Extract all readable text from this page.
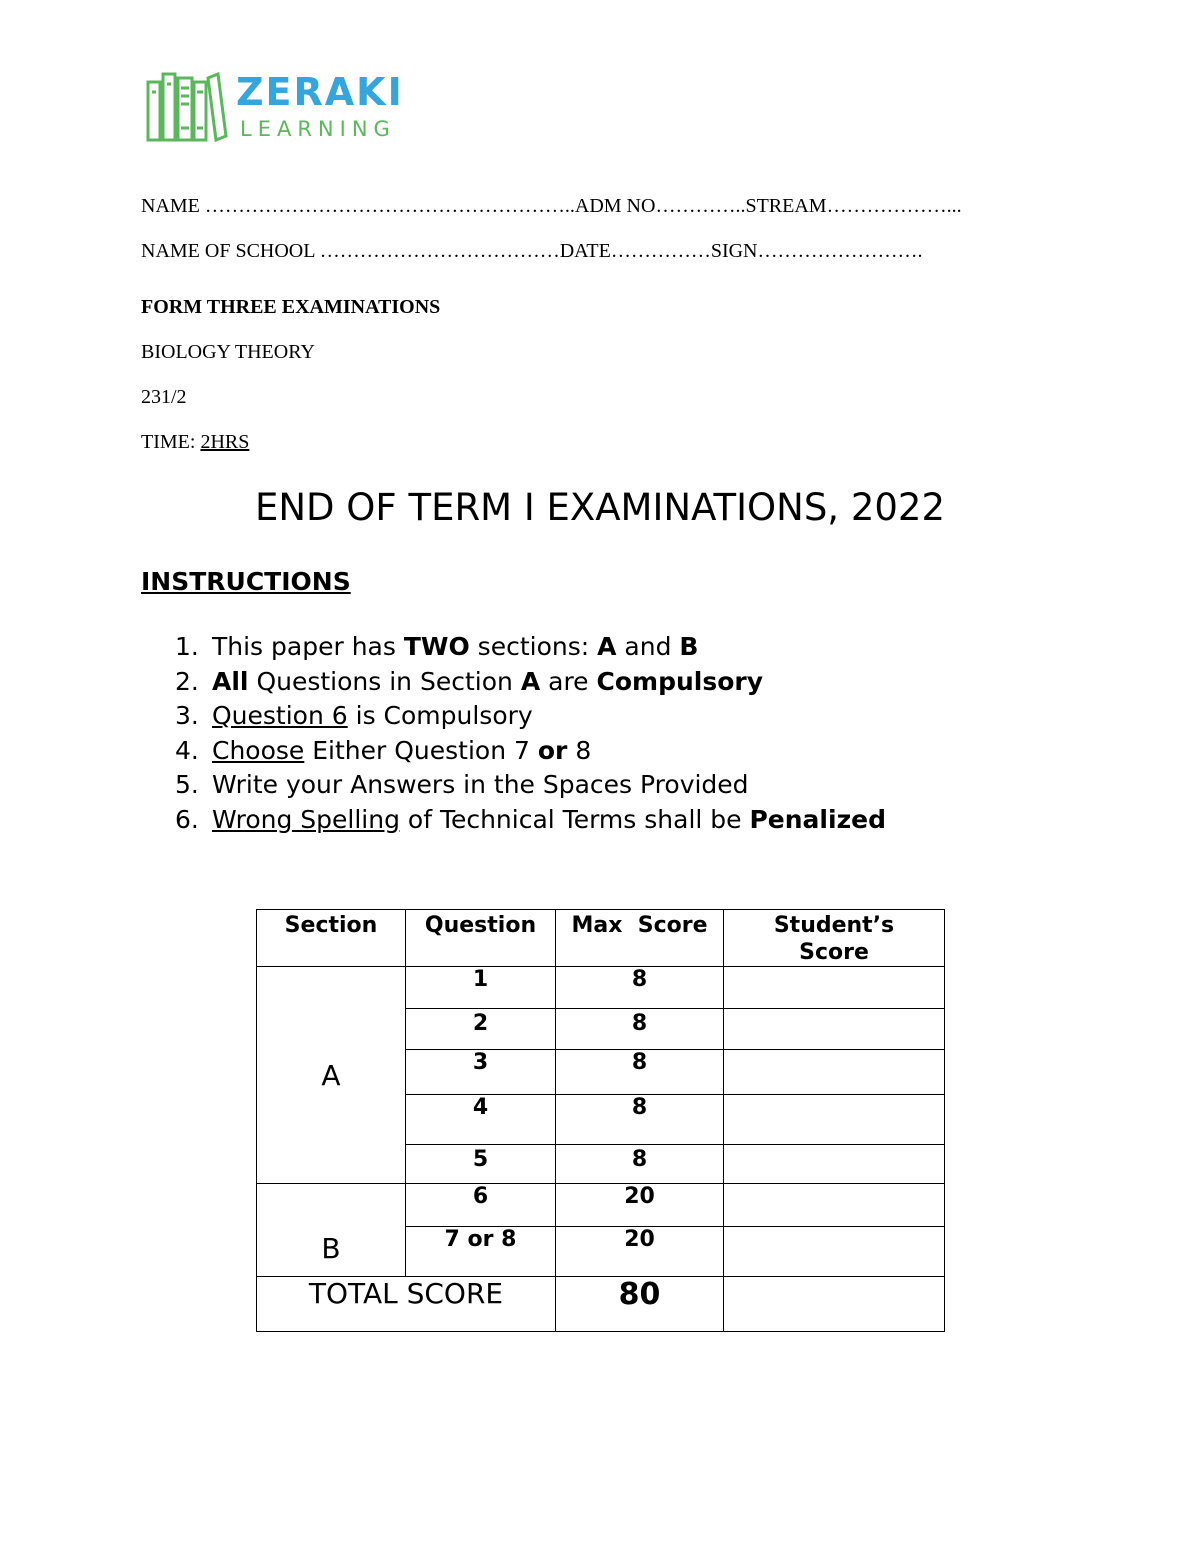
ZERAKI
LEARNING
NAME ………………………………………………..ADM NO…………..STREAM………………...
NAME OF SCHOOL ………………………………DATE……………SIGN…………………….
FORM THREE EXAMINATIONS
BIOLOGY THEORY
231/2
TIME: 2HRS
END OF TERM I EXAMINATIONS, 2022
INSTRUCTIONS
1. This paper has TWO sections: A and B
2. All Questions in Section A are Compulsory
3. Question 6 is Compulsory
4. Choose Either Question 7 or 8
5. Write your Answers in the Spaces Provided
6. Wrong Spelling of Technical Terms shall be Penalized
Section	Question	Max  Score	Student’s Score
A	1	8	
	2	8	
	3	8	
	4	8	
	5	8	
B	6	20	
	7 or 8	20	
TOTAL SCORE		80	
